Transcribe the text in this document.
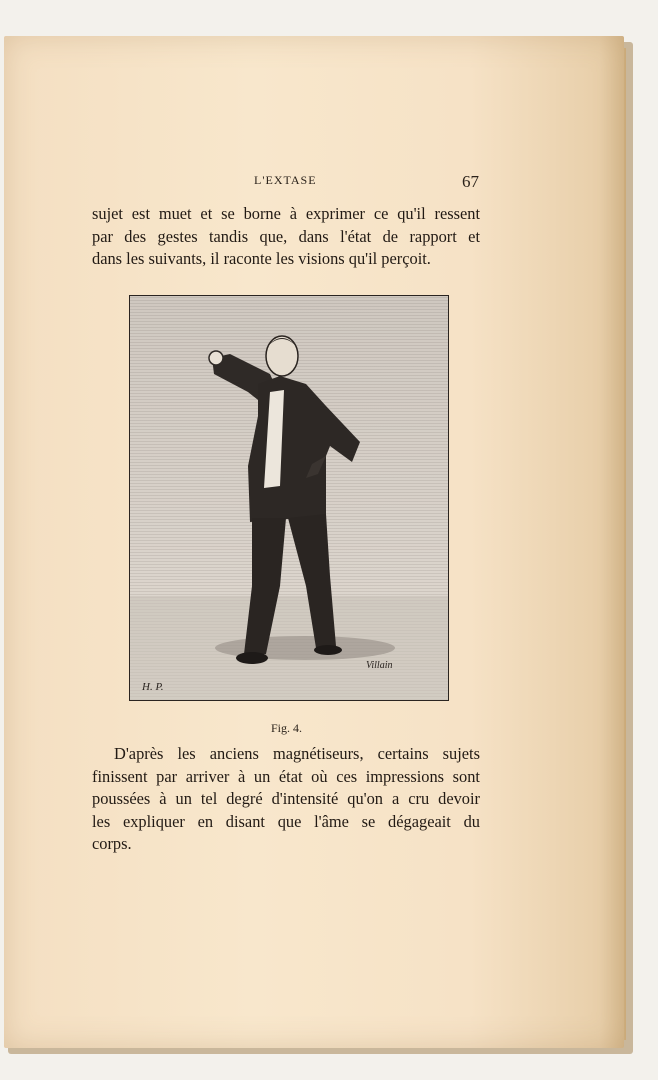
L'EXTASE	67
sujet est muet et se borne à exprimer ce qu'il ressent
par des gestes tandis que, dans l'état de rapport et
dans les suivants, il raconte les visions qu'il perçoit.
H. P.
Villain
Fig. 4.
D'après les anciens magnétiseurs, certains sujets
finissent par arriver à un état où ces impressions sont
poussées à un tel degré d'intensité qu'on a cru devoir
les expliquer en disant que l'âme se dégageait du
corps.
